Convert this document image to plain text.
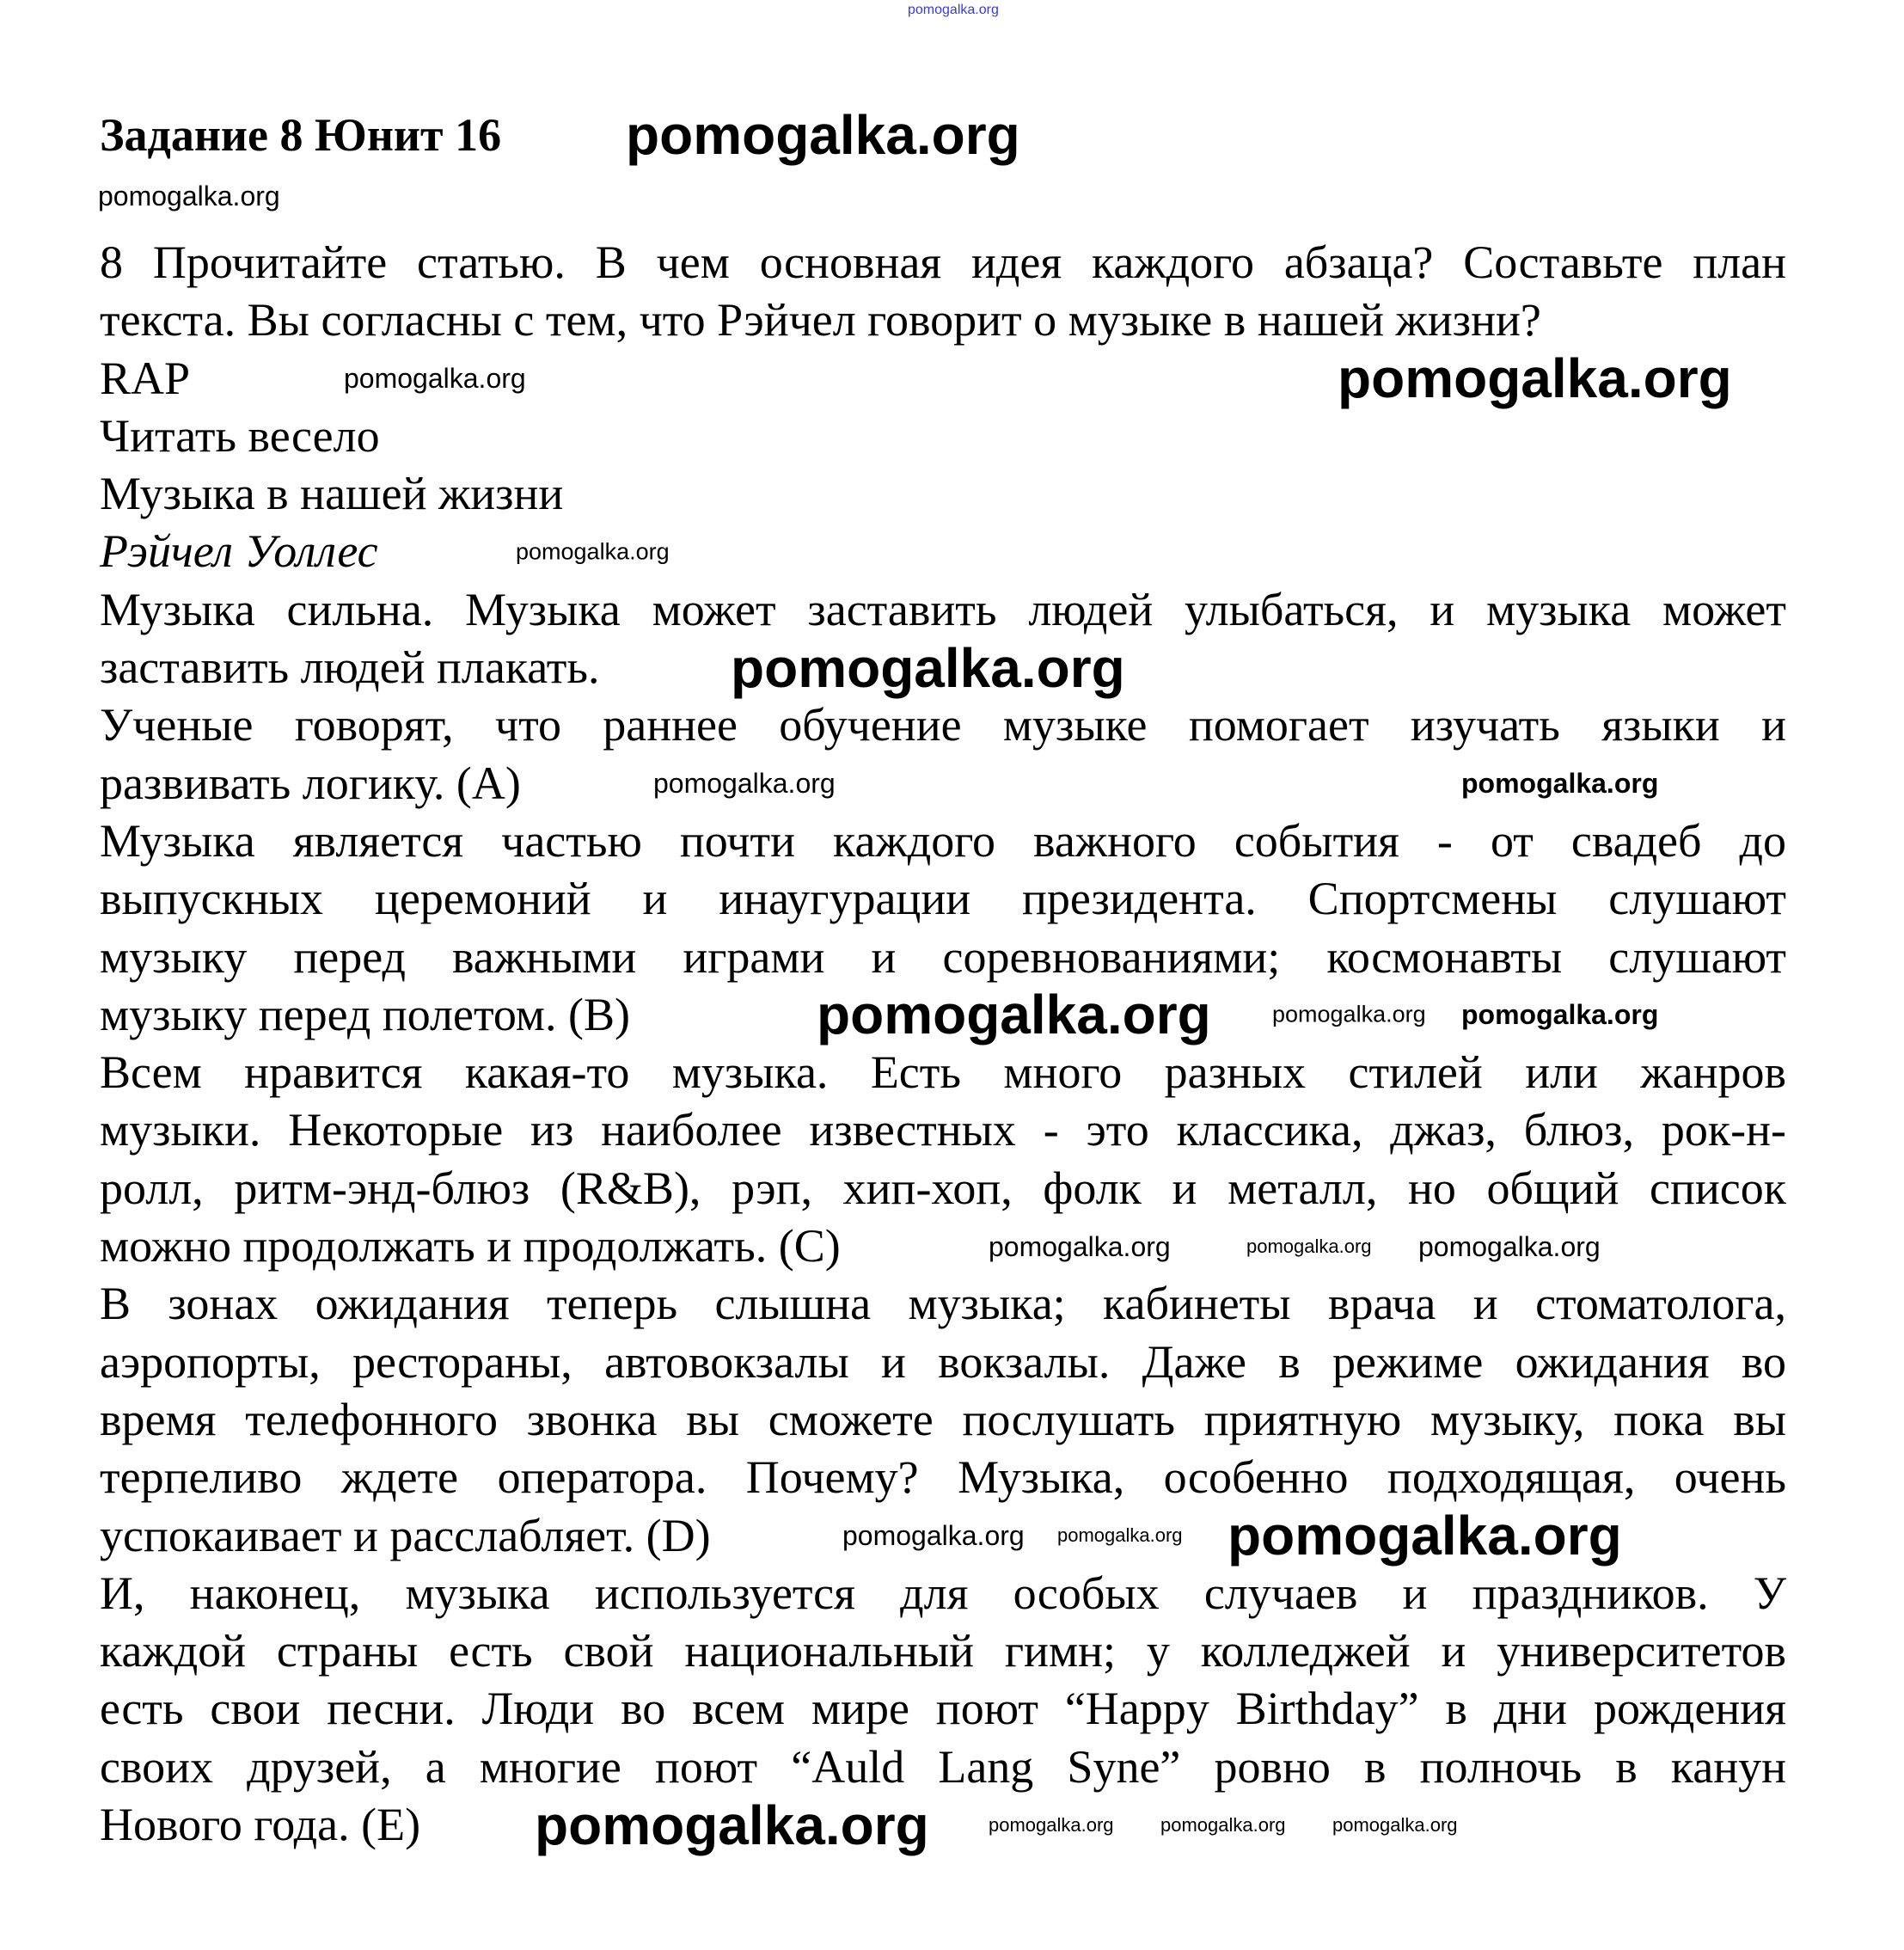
Задание 8 Юнит 16
8 Прочитайте статью. В чем основная идея каждого абзаца? Составьте план
текста. Вы согласны с тем, что Рэйчел говорит о музыке в нашей жизни?
RAP
Читать весело
Музыка в нашей жизни
Рэйчел Уоллес
Музыка сильна. Музыка может заставить людей улыбаться, и музыка может
заставить людей плакать.
Ученые говорят, что раннее обучение музыке помогает изучать языки и
развивать логику. (A)
Музыка является частью почти каждого важного события - от свадеб до
выпускных церемоний и инаугурации президента. Спортсмены слушают
музыку перед важными играми и соревнованиями; космонавты слушают
музыку перед полетом. (B)
Всем нравится какая-то музыка. Есть много разных стилей или жанров
музыки. Некоторые из наиболее известных - это классика, джаз, блюз, рок-н-
ролл, ритм-энд-блюз (R&B), рэп, хип-хоп, фолк и металл, но общий список
можно продолжать и продолжать. (C)
В зонах ожидания теперь слышна музыка; кабинеты врача и стоматолога,
аэропорты, рестораны, автовокзалы и вокзалы. Даже в режиме ожидания во
время телефонного звонка вы сможете послушать приятную музыку, пока вы
терпеливо ждете оператора. Почему? Музыка, особенно подходящая, очень
успокаивает и расслабляет. (D)
И, наконец, музыка используется для особых случаев и праздников. У
каждой страны есть свой национальный гимн; у колледжей и университетов
есть свои песни. Люди во всем мире поют “Happy Birthday” в дни рождения
своих друзей, а многие поют “Auld Lang Syne” ровно в полночь в канун
Нового года. (E)
pomogalka.org
pomogalka.org
pomogalka.org
pomogalka.org
pomogalka.org
pomogalka.org
pomogalka.org
pomogalka.org	pomogalka.org
pomogalka.org
pomogalka.org	pomogalka.org
pomogalka.org	pomogalka.org
pomogalka.org pomogalka.org
pomogalka.org
pomogalka.org
pomogalka.org pomogalka.org pomogalka.org
pomogalka.org
